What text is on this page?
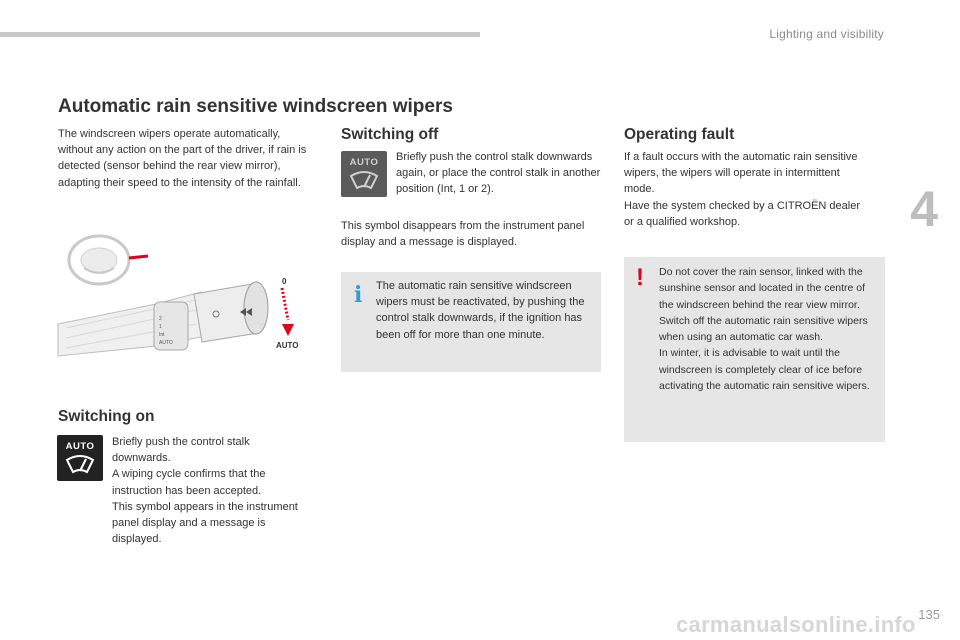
Lighting and visibility
4
Automatic rain sensitive windscreen wipers
The windscreen wipers operate automatically, without any action on the part of the driver, if rain is detected (sensor behind the rear view mirror), adapting their speed to the intensity of the rainfall.
2
1
Int
AUTO
0
AUTO
Switching on
AUTO Briefly push the control stalk downwards.
A wiping cycle confirms that the instruction has been accepted.
This symbol appears in the instrument panel display and a message is displayed.
Switching off
AUTO Briefly push the control stalk downwards again, or place the control stalk in another position (Int, 1 or 2).
This symbol disappears from the instrument panel display and a message is displayed.
i The automatic rain sensitive windscreen wipers must be reactivated, by pushing the control stalk downwards, if the ignition has been off for more than one minute.
Operating fault
If a fault occurs with the automatic rain sensitive wipers, the wipers will operate in intermittent mode.
Have the system checked by a CITROËN dealer or a qualified workshop.
! Do not cover the rain sensor, linked with the sunshine sensor and located in the centre of the windscreen behind the rear view mirror.
Switch off the automatic rain sensitive wipers when using an automatic car wash.
In winter, it is advisable to wait until the windscreen is completely clear of ice before activating the automatic rain sensitive wipers.
135
carmanualsonline.info
